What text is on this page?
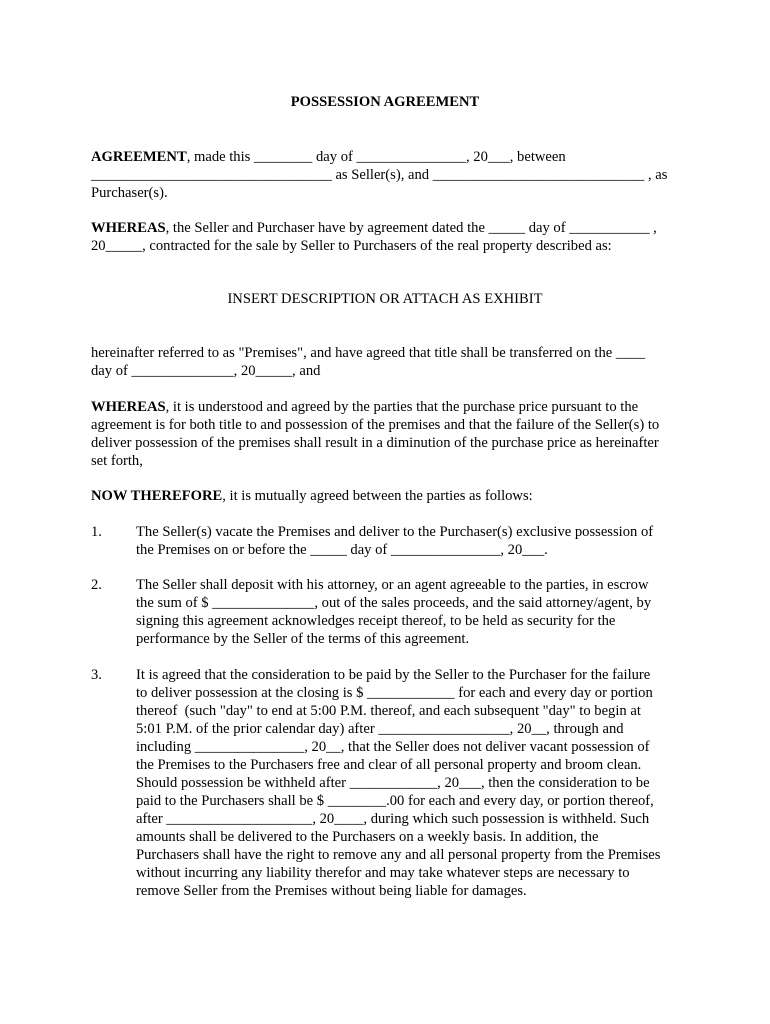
POSSESSION AGREEMENT
AGREEMENT, made this ________ day of _______________, 20___, between
_________________________________ as Seller(s), and _____________________________ , as
Purchaser(s).
WHEREAS, the Seller and Purchaser have by agreement dated the _____ day of ___________ ,
20_____, contracted for the sale by Seller to Purchasers of the real property described as:
INSERT DESCRIPTION OR ATTACH AS EXHIBIT
hereinafter referred to as "Premises", and have agreed that title shall be transferred on the ____
day of ______________, 20_____, and
WHEREAS, it is understood and agreed by the parties that the purchase price pursuant to the
agreement is for both title to and possession of the premises and that the failure of the Seller(s) to
deliver possession of the premises shall result in a diminution of the purchase price as hereinafter
set forth,
NOW THEREFORE, it is mutually agreed between the parties as follows:
1. The Seller(s) vacate the Premises and deliver to the Purchaser(s) exclusive possession of
the Premises on or before the _____ day of _______________, 20___.
2. The Seller shall deposit with his attorney, or an agent agreeable to the parties, in escrow
the sum of $ ______________, out of the sales proceeds, and the said attorney/agent, by
signing this agreement acknowledges receipt thereof, to be held as security for the
performance by the Seller of the terms of this agreement.
3. It is agreed that the consideration to be paid by the Seller to the Purchaser for the failure
to deliver possession at the closing is $ ____________ for each and every day or portion
thereof  (such "day" to end at 5:00 P.M. thereof, and each subsequent "day" to begin at
5:01 P.M. of the prior calendar day) after __________________, 20__, through and
including _______________, 20__, that the Seller does not deliver vacant possession of
the Premises to the Purchasers free and clear of all personal property and broom clean.
Should possession be withheld after ____________, 20___, then the consideration to be
paid to the Purchasers shall be $ ________.00 for each and every day, or portion thereof,
after ____________________, 20____, during which such possession is withheld. Such
amounts shall be delivered to the Purchasers on a weekly basis. In addition, the
Purchasers shall have the right to remove any and all personal property from the Premises
without incurring any liability therefor and may take whatever steps are necessary to
remove Seller from the Premises without being liable for damages.
